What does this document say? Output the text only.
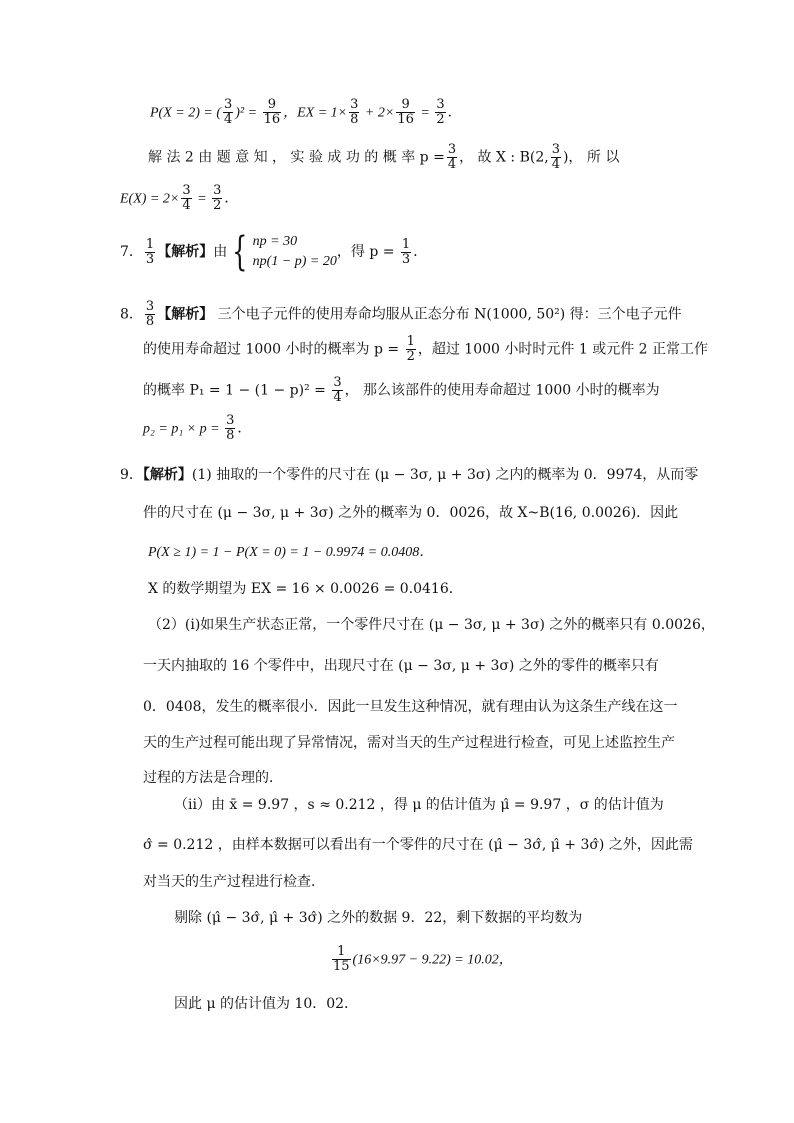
P(X = 2) = ( $\frac{3}{4} )^2 = \frac{9}{16}$ ，EX = $1\times \frac{3}{8} + 2\times \frac{9}{16} = \frac{3}{2}$ ．
解 法 2 由 题 意 知 ， 实 验 成 功 的 概 率 $p = \frac{3}{4}$ ， 故 X : B(2, $\frac{3}{4}$ )， 所 以
$E(X) = 2\times \frac{3}{4} = \frac{3}{2}$ ．
7． $\frac{1}{3}$ 【解析】由 { np = 30
np(1 − p) = 20
，得 $p = \frac{1}{3}$ ．
8． $\frac{3}{8}$ 【解析】 三个电子元件的使用寿命均服从正态分布 N(1000, 50²) 得：三个电子元件
的使用寿命超过 1000 小时的概率为 $p = \frac{1}{2}$ ，超过 1000 小时时元件 1 或元件 2 正常工作
的概率 $P_1 = 1 - (1 - p)^2 = \frac{3}{4}$ ， 那么该部件的使用寿命超过 1000 小时的概率为
$p_2 = p_1 \times p = \frac{3}{8}$ ．
9．【解析】(1) 抽取的一个零件的尺寸在 (μ − 3σ, μ + 3σ) 之内的概率为 0．9974，从而零
件的尺寸在 (μ − 3σ, μ + 3σ) 之外的概率为 0．0026，故 X~B(16, 0.0026)．因此
P(X ≥ 1) = 1 − P(X = 0) = 1 − 0.9974 = 0.0408．
X 的数学期望为 EX = 16 × 0.0026 = 0.0416．
（2）(i)如果生产状态正常，一个零件尺寸在 (μ − 3σ, μ + 3σ) 之外的概率只有 0.0026，
一天内抽取的 16 个零件中，出现尺寸在 (μ − 3σ, μ + 3σ) 之外的零件的概率只有
0．0408，发生的概率很小．因此一旦发生这种情况，就有理由认为这条生产线在这一
天的生产过程可能出现了异常情况，需对当天的生产过程进行检查，可见上述监控生产
过程的方法是合理的．
（ii）由 x̄ = 9.97 ，s ≈ 0.212 ，得 μ 的估计值为 μ̂ = 9.97 ，σ 的估计值为
σ̂ = 0.212 ，由样本数据可以看出有一个零件的尺寸在 (μ̂ − 3σ̂, μ̂ + 3σ̂) 之外，因此需
对当天的生产过程进行检查．
剔除 (μ̂ − 3σ̂, μ̂ + 3σ̂) 之外的数据 9．22，剩下数据的平均数为
$\frac{1}{15} (16\times 9.97 - 9.22) = 10.02$，
因此 μ 的估计值为 10．02．
